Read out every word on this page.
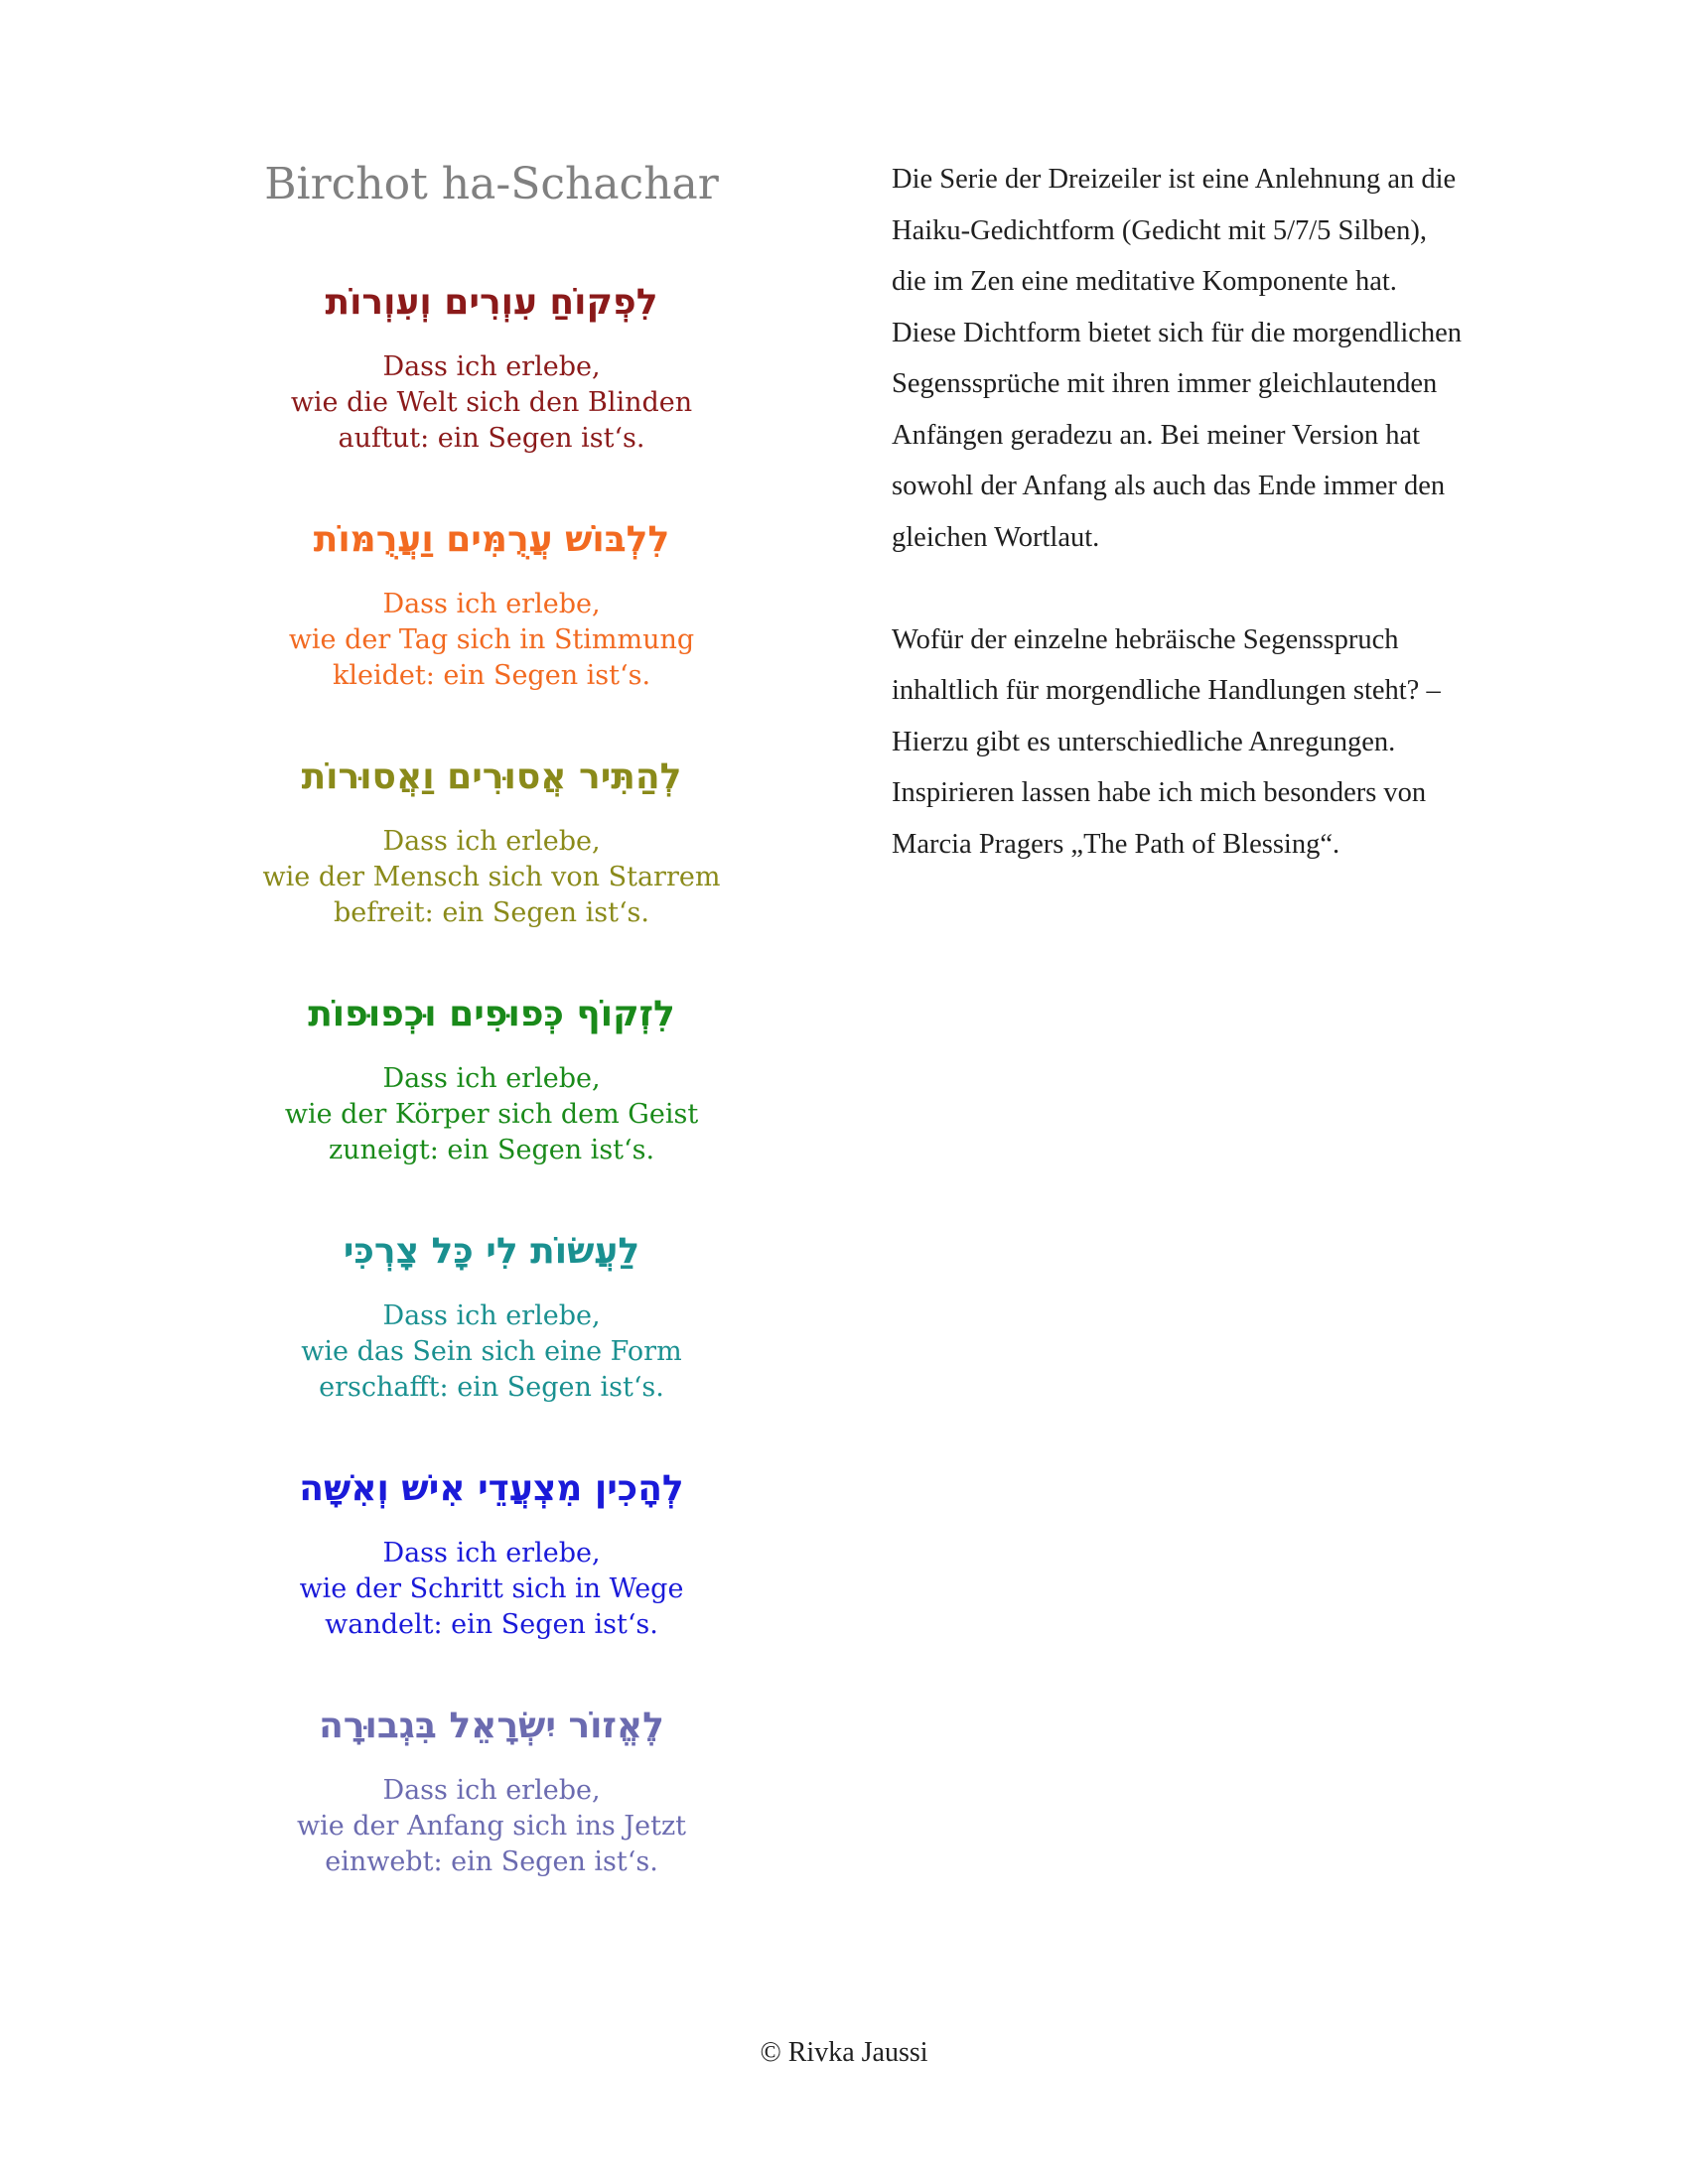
Birchot ha-Schachar
לִפְקוֹחַ עִוְרִים וְעִוְרוֹת
Dass ich erlebe,
wie die Welt sich den Blinden
auftut: ein Segen ist‘s.
לִלְבּוֹשׁ עֲרֻמִּים וַעֲרֻמּוֹת
Dass ich erlebe,
wie der Tag sich in Stimmung
kleidet: ein Segen ist‘s.
לְהַתִּיר אֲסוּרִים וַאֲסוּרוֹת
Dass ich erlebe,
wie der Mensch sich von Starrem
befreit: ein Segen ist‘s.
לִזְקוֹף כְּפוּפִים וּכְפוּפוֹת
Dass ich erlebe,
wie der Körper sich dem Geist
zuneigt: ein Segen ist‘s.
לַעֲשׂוֹת לִי כָּל צָרְכִּי
Dass ich erlebe,
wie das Sein sich eine Form
erschafft: ein Segen ist‘s.
לְהָכִין מִצְעֲדֵי אִישׁ וְאִשָּׁה
Dass ich erlebe,
wie der Schritt sich in Wege
wandelt: ein Segen ist‘s.
לֶאֱזוֹר יִשְׂרָאֵל בִּגְבוּרָה
Dass ich erlebe,
wie der Anfang sich ins Jetzt
einwebt: ein Segen ist‘s.

Die Serie der Dreizeiler ist eine Anlehnung an die
Haiku-Gedichtform (Gedicht mit 5/7/5 Silben),
die im Zen eine meditative Komponente hat.
Diese Dichtform bietet sich für die morgendlichen
Segenssprüche mit ihren immer gleichlautenden
Anfängen geradezu an. Bei meiner Version hat
sowohl der Anfang als auch das Ende immer den
gleichen Wortlaut.

Wofür der einzelne hebräische Segensspruch
inhaltlich für morgendliche Handlungen steht? –
Hierzu gibt es unterschiedliche Anregungen.
Inspirieren lassen habe ich mich besonders von
Marcia Pragers „The Path of Blessing“.

© Rivka Jaussi
